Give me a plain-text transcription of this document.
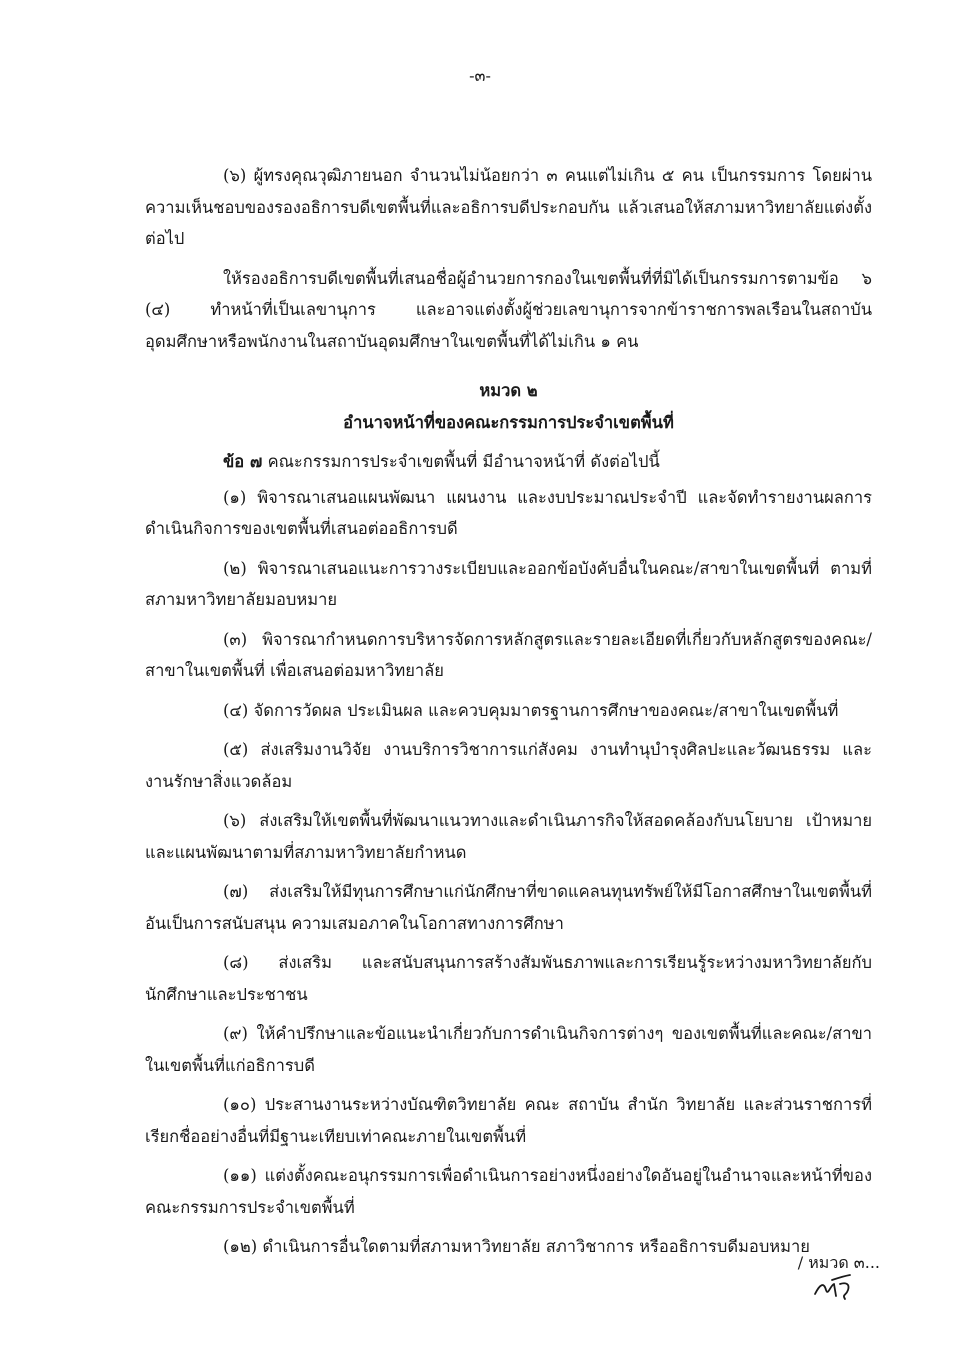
-๓-

(๖) ผู้ทรงคุณวุฒิภายนอก จำนวนไม่น้อยกว่า ๓ คนแต่ไม่เกิน ๕ คน เป็นกรรมการ โดยผ่านความเห็นชอบของรองอธิการบดีเขตพื้นที่และอธิการบดีประกอบกัน แล้วเสนอให้สภามหาวิทยาลัยแต่งตั้งต่อไป

ให้รองอธิการบดีเขตพื้นที่เสนอชื่อผู้อำนวยการกองในเขตพื้นที่ที่มิได้เป็นกรรมการตามข้อ ๖ (๔) ทำหน้าที่เป็นเลขานุการ และอาจแต่งตั้งผู้ช่วยเลขานุการจากข้าราชการพลเรือนในสถาบันอุดมศึกษาหรือพนักงานในสถาบันอุดมศึกษาในเขตพื้นที่ได้ไม่เกิน ๑ คน

หมวด ๒
อำนาจหน้าที่ของคณะกรรมการประจำเขตพื้นที่

ข้อ ๗ คณะกรรมการประจำเขตพื้นที่ มีอำนาจหน้าที่ ดังต่อไปนี้

(๑) พิจารณาเสนอแผนพัฒนา แผนงาน และงบประมาณประจำปี และจัดทำรายงานผลการดำเนินกิจการของเขตพื้นที่เสนอต่ออธิการบดี

(๒) พิจารณาเสนอแนะการวางระเบียบและออกข้อบังคับอื่นในคณะ/สาขาในเขตพื้นที่ ตามที่สภามหาวิทยาลัยมอบหมาย

(๓) พิจารณากำหนดการบริหารจัดการหลักสูตรและรายละเอียดที่เกี่ยวกับหลักสูตรของคณะ/สาขาในเขตพื้นที่ เพื่อเสนอต่อมหาวิทยาลัย

(๔) จัดการวัดผล ประเมินผล และควบคุมมาตรฐานการศึกษาของคณะ/สาขาในเขตพื้นที่

(๕) ส่งเสริมงานวิจัย งานบริการวิชาการแก่สังคม งานทำนุบำรุงศิลปะและวัฒนธรรม และงานรักษาสิ่งแวดล้อม

(๖) ส่งเสริมให้เขตพื้นที่พัฒนาแนวทางและดำเนินภารกิจให้สอดคล้องกับนโยบาย เป้าหมาย และแผนพัฒนาตามที่สภามหาวิทยาลัยกำหนด

(๗) ส่งเสริมให้มีทุนการศึกษาแก่นักศึกษาที่ขาดแคลนทุนทรัพย์ให้มีโอกาสศึกษาในเขตพื้นที่ อันเป็นการสนับสนุน ความเสมอภาคในโอกาสทางการศึกษา

(๘) ส่งเสริม และสนับสนุนการสร้างสัมพันธภาพและการเรียนรู้ระหว่างมหาวิทยาลัยกับนักศึกษาและประชาชน

(๙) ให้คำปรึกษาและข้อแนะนำเกี่ยวกับการดำเนินกิจการต่างๆ ของเขตพื้นที่และคณะ/สาขา ในเขตพื้นที่แก่อธิการบดี

(๑๐) ประสานงานระหว่างบัณฑิตวิทยาลัย คณะ สถาบัน สำนัก วิทยาลัย และส่วนราชการที่เรียกชื่ออย่างอื่นที่มีฐานะเทียบเท่าคณะภายในเขตพื้นที่

(๑๑) แต่งตั้งคณะอนุกรรมการเพื่อดำเนินการอย่างหนึ่งอย่างใดอันอยู่ในอำนาจและหน้าที่ของคณะกรรมการประจำเขตพื้นที่

(๑๒) ดำเนินการอื่นใดตามที่สภามหาวิทยาลัย สภาวิชาการ หรืออธิการบดีมอบหมาย

/ หมวด ๓...
